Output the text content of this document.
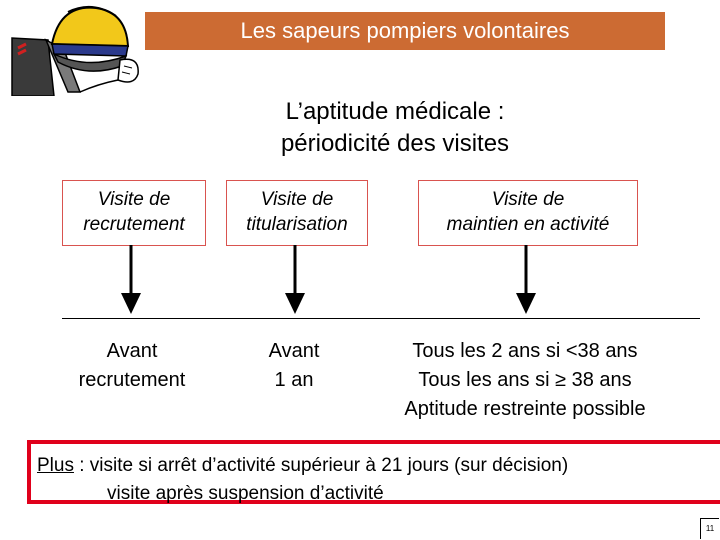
Les sapeurs pompiers volontaires
L’aptitude médicale :
périodicité des visites
Visite de
recrutement
Visite de
titularisation
Visite de
maintien en activité
Avant
recrutement
Avant
1 an
Tous les 2 ans si <38 ans
Tous les ans si ≥ 38 ans
Aptitude restreinte possible
Plus : visite si arrêt d’activité supérieur à 21 jours (sur décision)
visite après suspension d’activité
11
